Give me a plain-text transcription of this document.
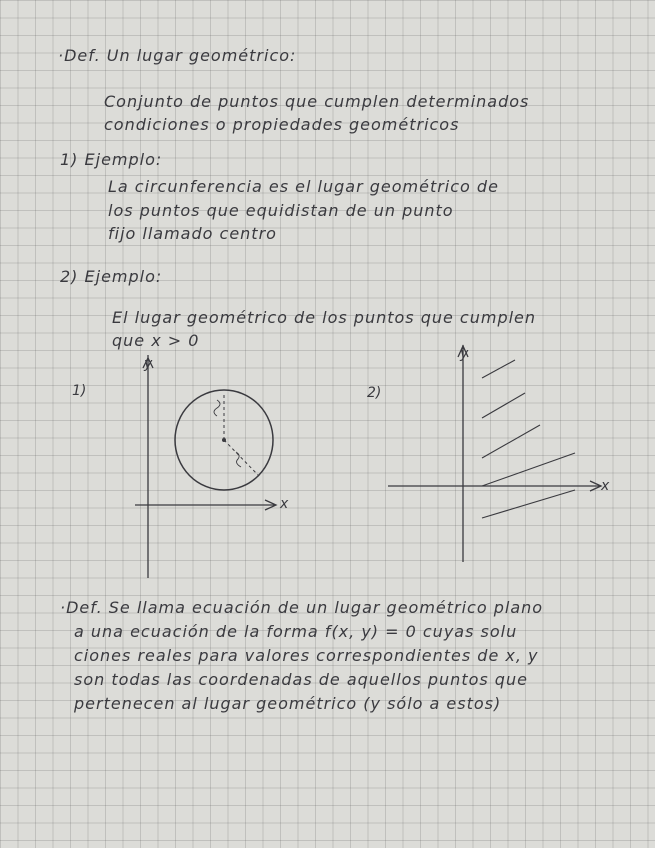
·Def. Un lugar geométrico:
Conjunto de puntos que cumplen determinados
condiciones o propiedades geométricos
1) Ejemplo:
La circunferencia es el lugar geométrico de
los puntos que equidistan de un punto
fijo llamado centro
2) Ejemplo:
El lugar geométrico de los puntos que cumplen
que x > 0
1)
y
x
2)
y
x
·Def. Se llama ecuación de un lugar geométrico plano
a una ecuación de la forma f(x, y) = 0 cuyas solu
ciones reales para valores correspondientes de x, y
son todas las coordenadas de aquellos puntos que
pertenecen al lugar geométrico (y sólo a estos)
